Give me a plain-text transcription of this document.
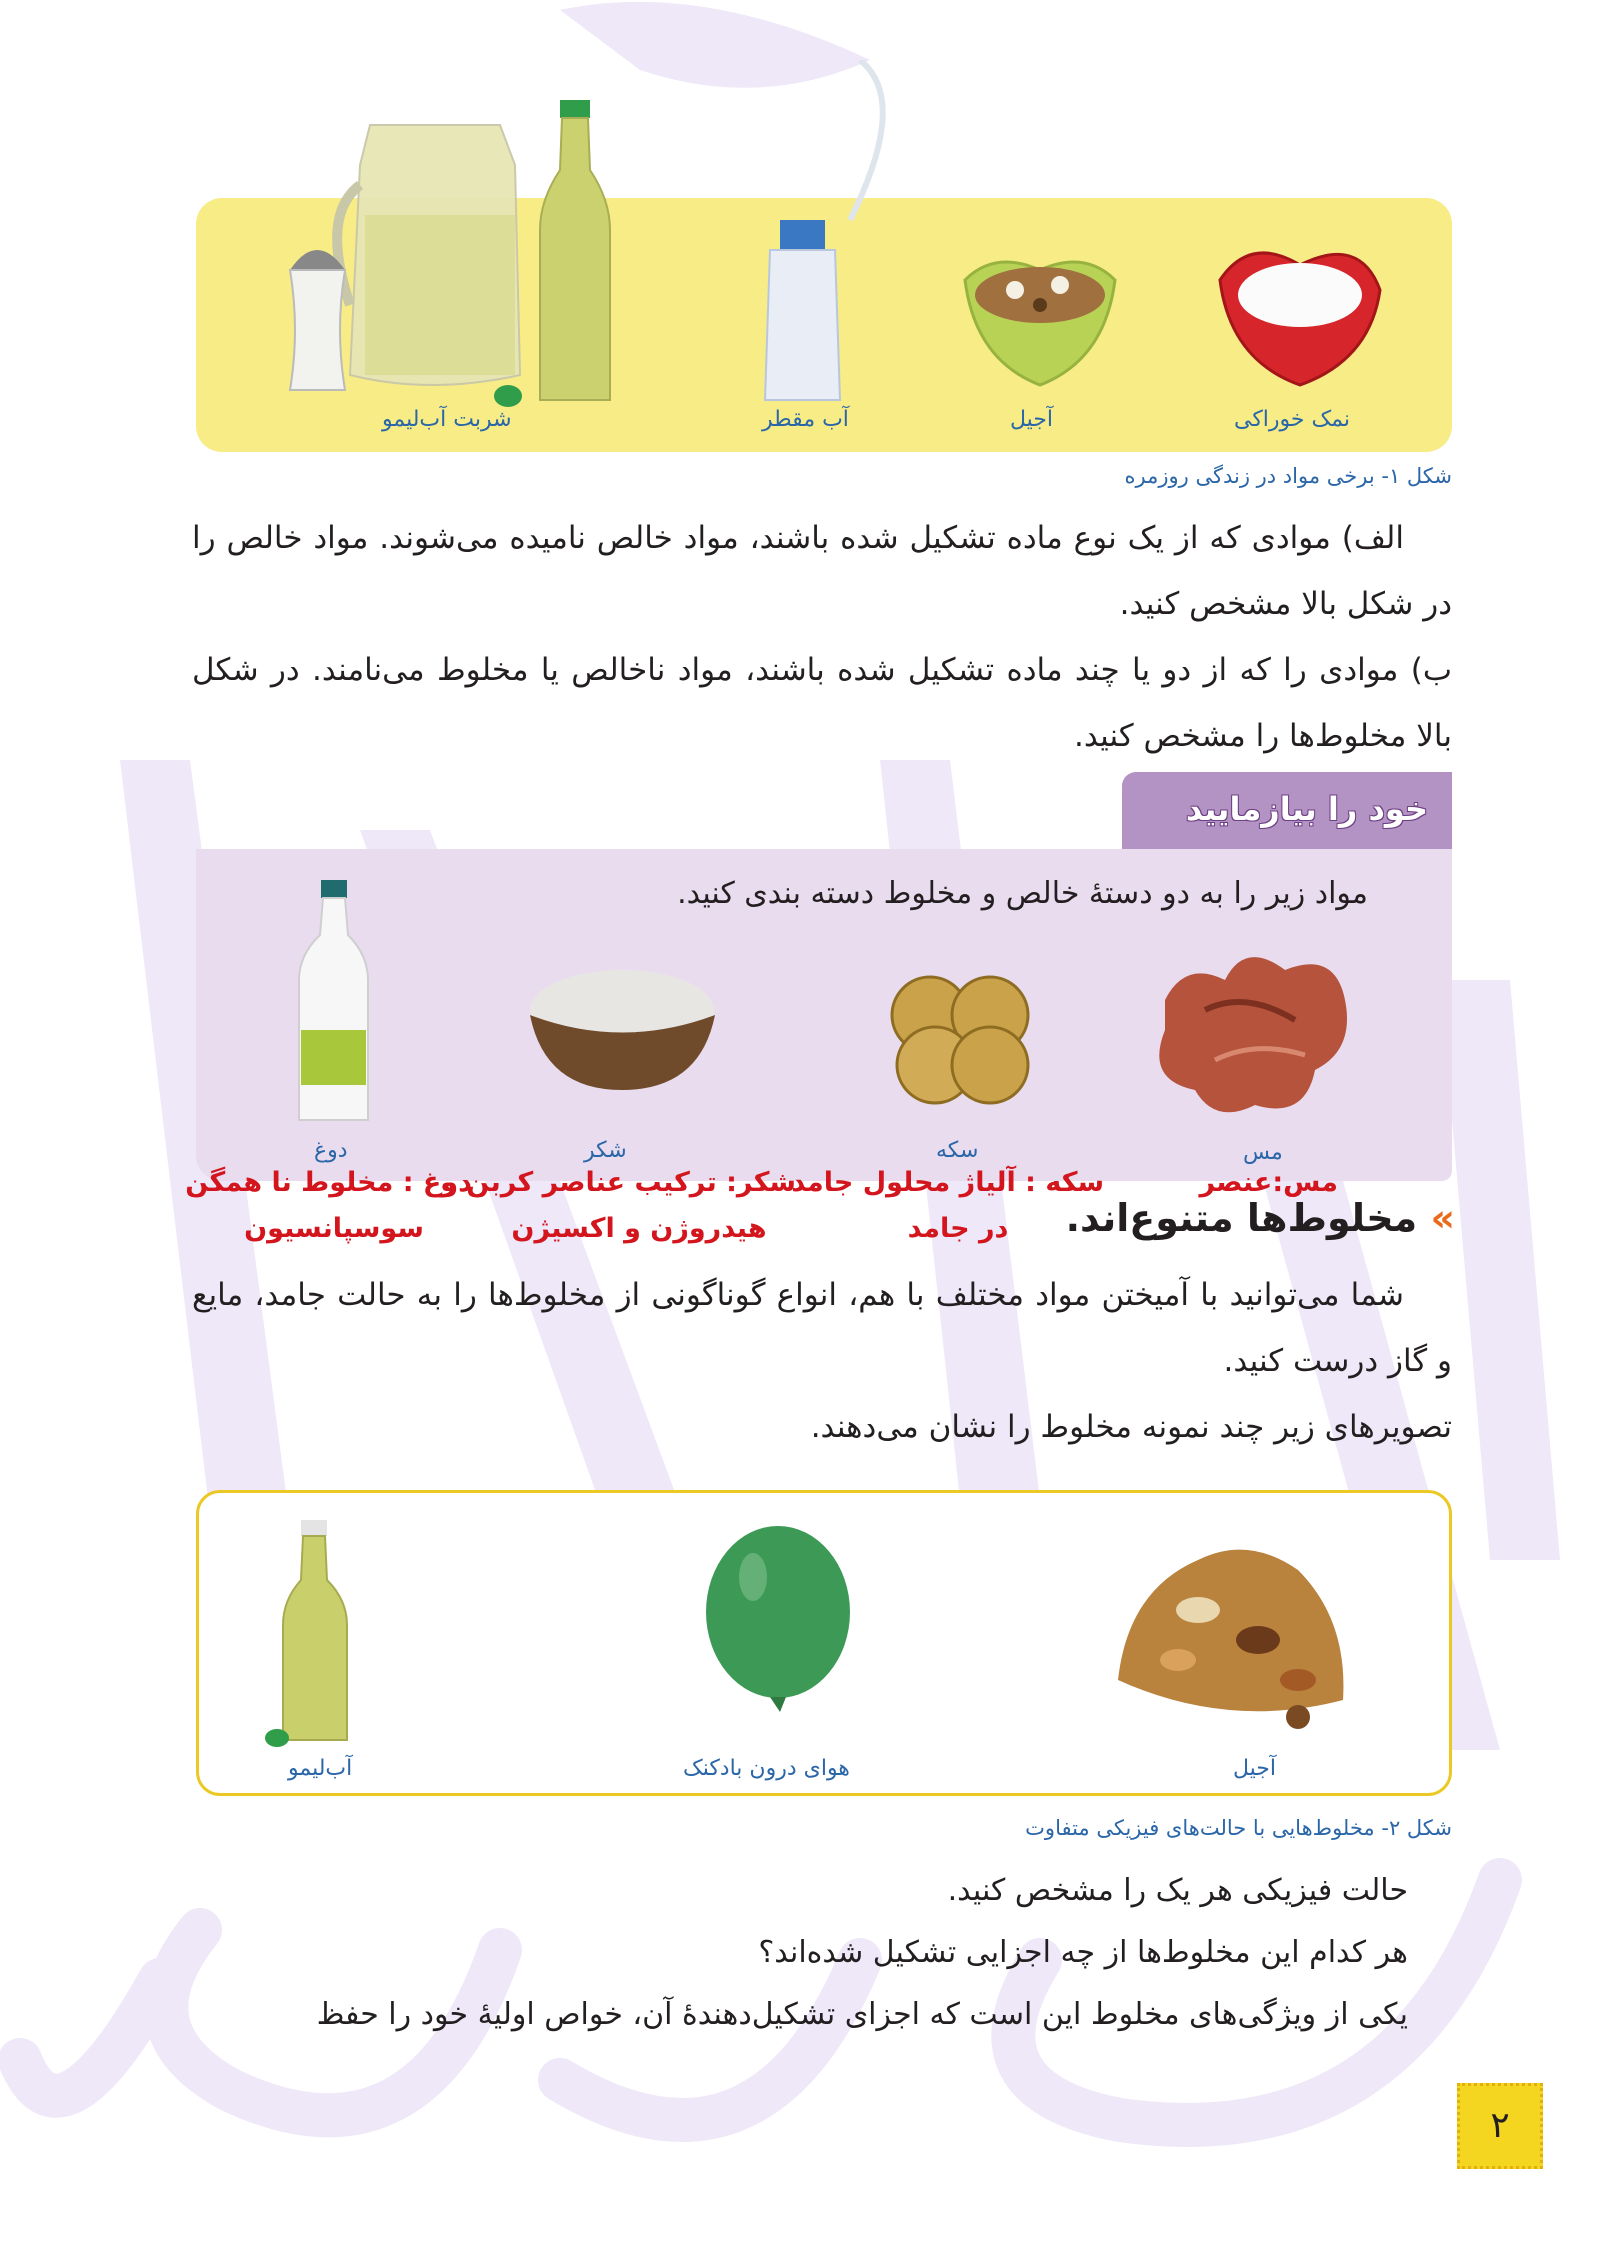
نمک خوراکی
آجیل
آب مقطر
شربت آب‌لیمو
شکل ۱- برخی مواد در زندگی روزمره

الف) موادی که از یک نوع ماده تشکیل شده باشند، مواد خالص نامیده می‌شوند. مواد خالص را در شکل بالا مشخص کنید.

ب) موادی را که از دو یا چند ماده تشکیل شده باشند، مواد ناخالص یا مخلوط می‌نامند. در شکل بالا مخلوط‌ها را مشخص کنید.

خود را بیازمایید
مواد زیر را به دو دستهٔ خالص و مخلوط دسته بندی کنید.
مس
سکه
شکر
دوغ
مس:عنصر
سکه : آلیاژ محلول جامد
در جامد
شکر: ترکیب عناصر کربن و
هیدروژن و اکسیژن
دوغ : مخلوط نا همگن
سوسپانسیون	» مخلوط‌ها متنوع‌اند.

شما می‌توانید با آمیختن مواد مختلف با هم، انواع گوناگونی از مخلوط‌ها را به حالت جامد، مایع و گاز درست کنید.

تصویرهای زیر چند نمونه مخلوط را نشان می‌دهند.

آجیل
هوای درون بادکنک
آب‌لیمو
شکل ۲- مخلوط‌هایی با حالت‌های فیزیکی متفاوت
حالت فیزیکی هر یک را مشخص کنید.
هر کدام این مخلوط‌ها از چه اجزایی تشکیل شده‌اند؟
یکی از ویژگی‌های مخلوط این است که اجزای تشکیل‌دهندهٔ آن، خواص اولیهٔ خود را حفظ
۲
